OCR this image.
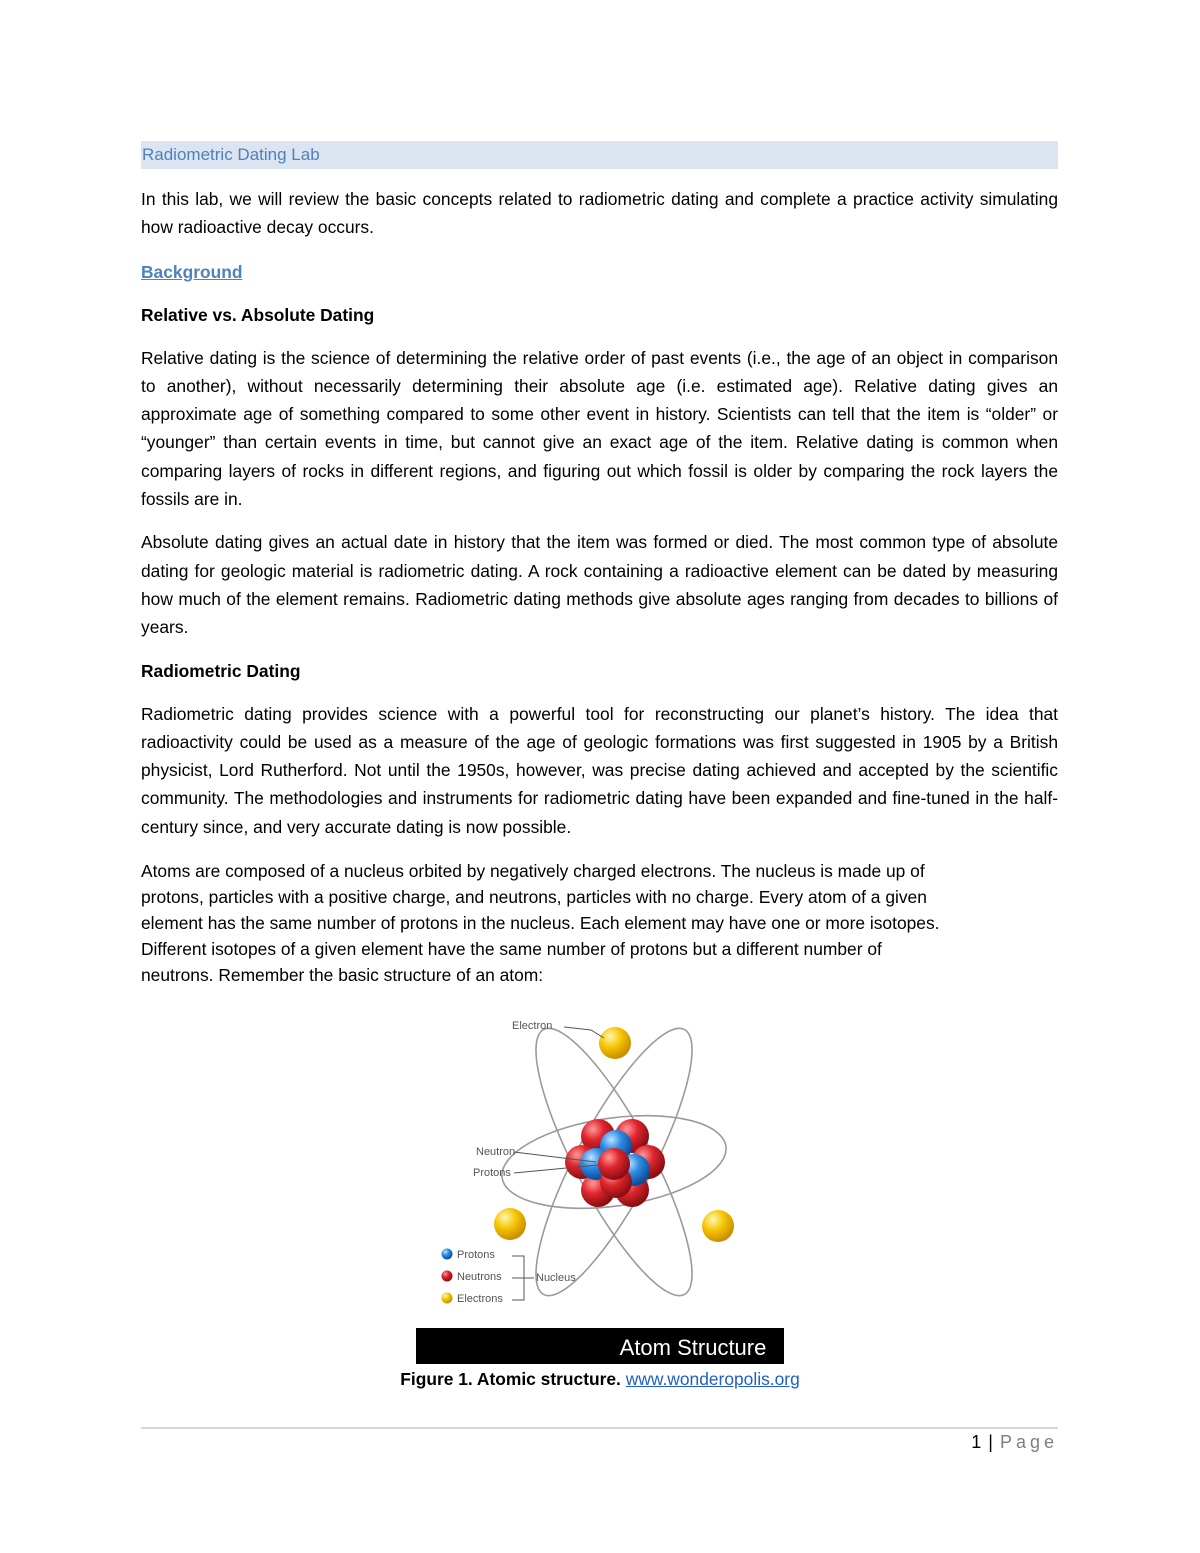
Radiometric Dating Lab

In this lab, we will review the basic concepts related to radiometric dating and complete a practice activity simulating how radioactive decay occurs.

Background
Relative vs. Absolute Dating

Relative dating is the science of determining the relative order of past events (i.e., the age of an object in comparison to another), without necessarily determining their absolute age (i.e. estimated age). Relative dating gives an approximate age of something compared to some other event in history. Scientists can tell that the item is “older” or “younger” than certain events in time, but cannot give an exact age of the item. Relative dating is common when comparing layers of rocks in different regions, and figuring out which fossil is older by comparing the rock layers the fossils are in.

Absolute dating gives an actual date in history that the item was formed or died. The most common type of absolute dating for geologic material is radiometric dating. A rock containing a radioactive element can be dated by measuring how much of the element remains. Radiometric dating methods give absolute ages ranging from decades to billions of years.

Radiometric Dating

Radiometric dating provides science with a powerful tool for reconstructing our planet’s history. The idea that radioactivity could be used as a measure of the age of geologic formations was first suggested in 1905 by a British physicist, Lord Rutherford. Not until the 1950s, however, was precise dating achieved and accepted by the scientific community. The methodologies and instruments for radiometric dating have been expanded and fine-tuned in the half-century since, and very accurate dating is now possible.

Atoms are composed of a nucleus orbited by negatively charged electrons. The nucleus is made up of

protons, particles with a positive charge, and neutrons, particles with no charge. Every atom of a given

element has the same number of protons in the nucleus. Each element may have one or more isotopes.

Different isotopes of a given element have the same number of protons but a different number of

neutrons. Remember the basic structure of an atom:

Electron
Neutron
Protons
Protons
Neutrons
Electrons
Nucleus
Atom Structure
Figure 1. Atomic structure. www.wonderopolis.org
1 | Page
